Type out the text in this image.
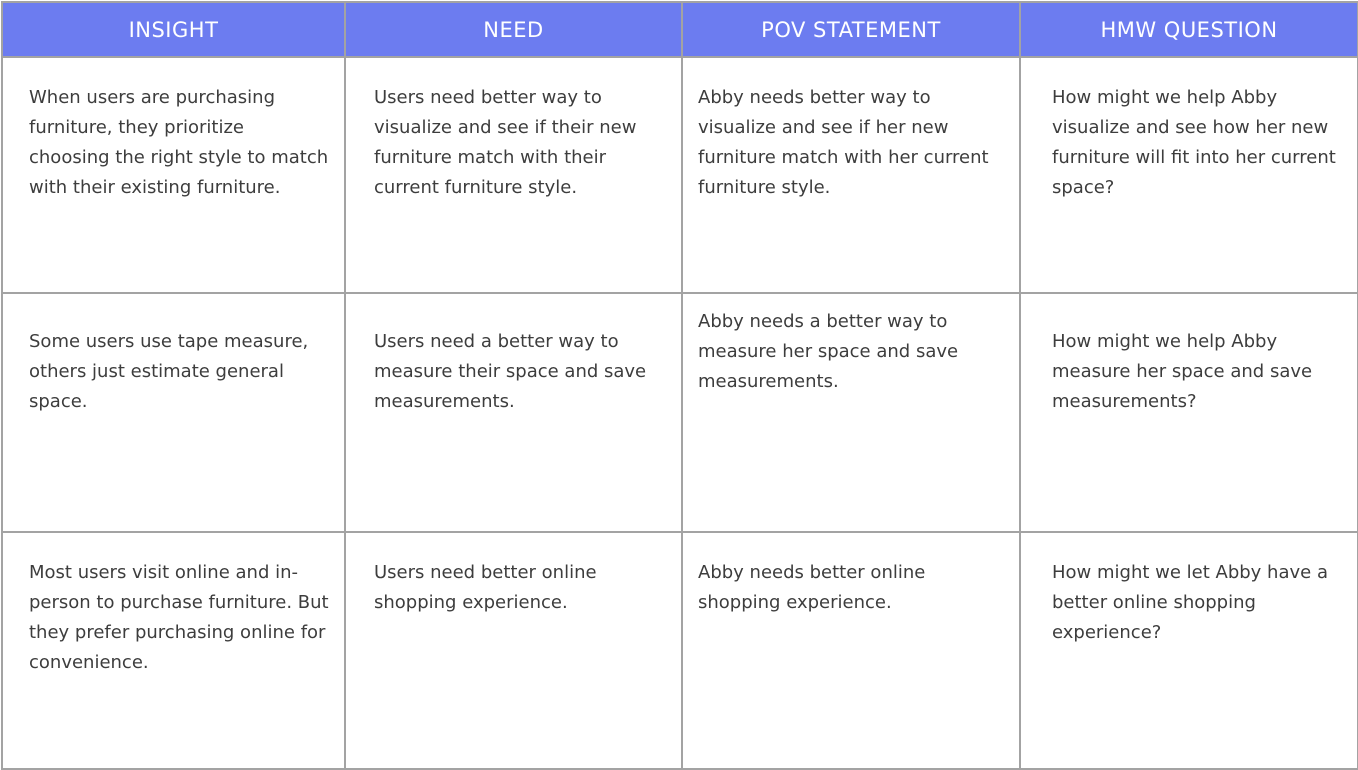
INSIGHT	NEED	POV STATEMENT	HMW QUESTION
When users are purchasing furniture, they prioritize choosing the right style to match with their existing furniture.	Users need better way to visualize and see if their new furniture match with their current furniture style.	Abby needs better way to visualize and see if her new furniture match with her current furniture style.	How might we help Abby visualize and see how her new furniture will fit into her current space?
Some users use tape measure, others just estimate general space.	Users need a better way to measure their space and save measurements.	Abby needs a better way to measure her space and save measurements.	How might we help Abby measure her space and save measurements?
Most users visit online and in-person to purchase furniture. But they prefer purchasing online for convenience.	Users need better online shopping experience.	Abby needs better online shopping experience.	How might we let Abby have a better online shopping experience?
